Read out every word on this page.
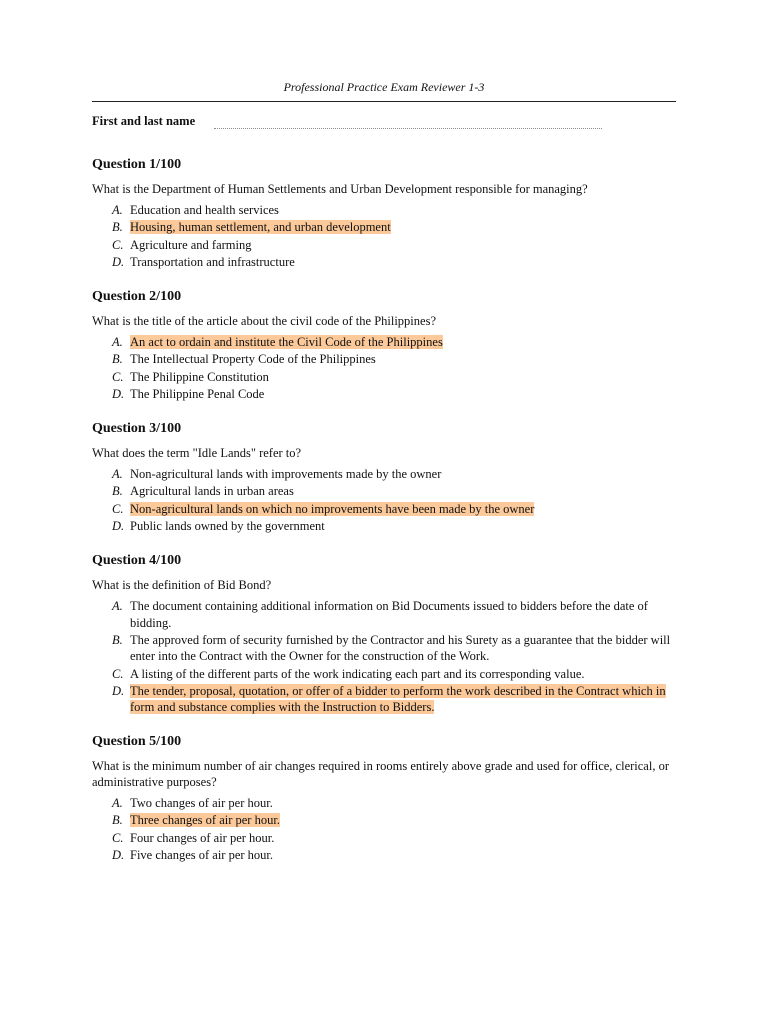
Professional Practice Exam Reviewer 1-3
First and last name
Question 1/100
What is the Department of Human Settlements and Urban Development responsible for managing?
A. Education and health services
B. Housing, human settlement, and urban development
C. Agriculture and farming
D. Transportation and infrastructure
Question 2/100
What is the title of the article about the civil code of the Philippines?
A. An act to ordain and institute the Civil Code of the Philippines
B. The Intellectual Property Code of the Philippines
C. The Philippine Constitution
D. The Philippine Penal Code
Question 3/100
What does the term "Idle Lands" refer to?
A. Non-agricultural lands with improvements made by the owner
B. Agricultural lands in urban areas
C. Non-agricultural lands on which no improvements have been made by the owner
D. Public lands owned by the government
Question 4/100
What is the definition of Bid Bond?
A. The document containing additional information on Bid Documents issued to bidders before the date of bidding.
B. The approved form of security furnished by the Contractor and his Surety as a guarantee that the bidder will enter into the Contract with the Owner for the construction of the Work.
C. A listing of the different parts of the work indicating each part and its corresponding value.
D. The tender, proposal, quotation, or offer of a bidder to perform the work described in the Contract which in form and substance complies with the Instruction to Bidders.
Question 5/100
What is the minimum number of air changes required in rooms entirely above grade and used for office, clerical, or administrative purposes?
A. Two changes of air per hour.
B. Three changes of air per hour.
C. Four changes of air per hour.
D. Five changes of air per hour.
